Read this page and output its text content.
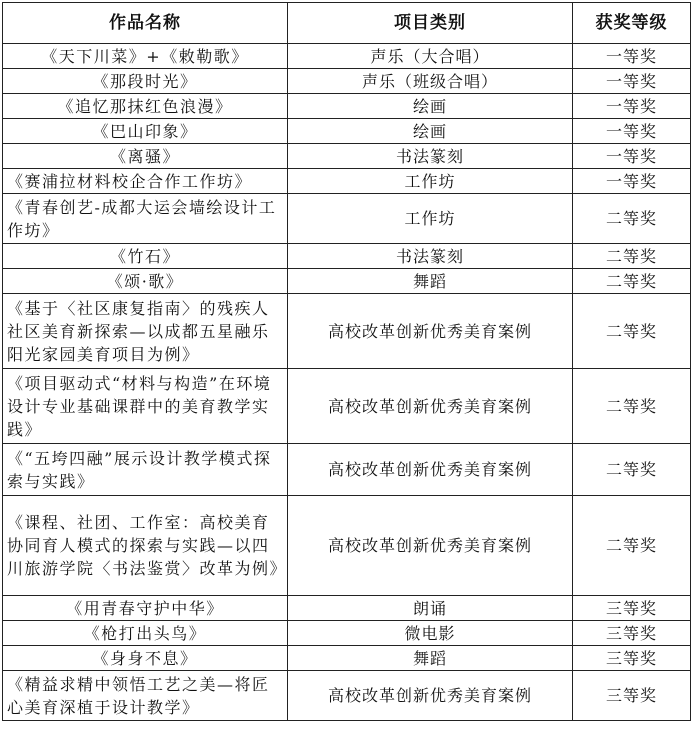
作品名称	项目类别	获奖等级
《天下川菜》+《敕勒歌》	声乐（大合唱）	一等奖
《那段时光》	声乐（班级合唱）	一等奖
《追忆那抹红色浪漫》	绘画	一等奖
《巴山印象》	绘画	一等奖
《离骚》	书法篆刻	一等奖
《赛浦拉材料校企合作工作坊》	工作坊	一等奖
《青春创艺-成都大运会墙绘设计工作坊》	工作坊	二等奖
《竹石》	书法篆刻	二等奖
《颂·歌》	舞蹈	二等奖
《基于〈社区康复指南〉的残疾人社区美育新探索—以成都五星融乐阳光家园美育项目为例》	高校改革创新优秀美育案例	二等奖
《项目驱动式“材料与构造”在环境设计专业基础课群中的美育教学实践》	高校改革创新优秀美育案例	二等奖
《“五垮四融”展示设计教学模式探索与实践》	高校改革创新优秀美育案例	二等奖
《课程、社团、工作室：高校美育协同育人模式的探索与实践—以四川旅游学院〈书法鉴赏〉改革为例》	高校改革创新优秀美育案例	二等奖
《用青春守护中华》	朗诵	三等奖
《枪打出头鸟》	微电影	三等奖
《身身不息》	舞蹈	三等奖
《精益求精中领悟工艺之美—将匠心美育深植于设计教学》	高校改革创新优秀美育案例	三等奖
